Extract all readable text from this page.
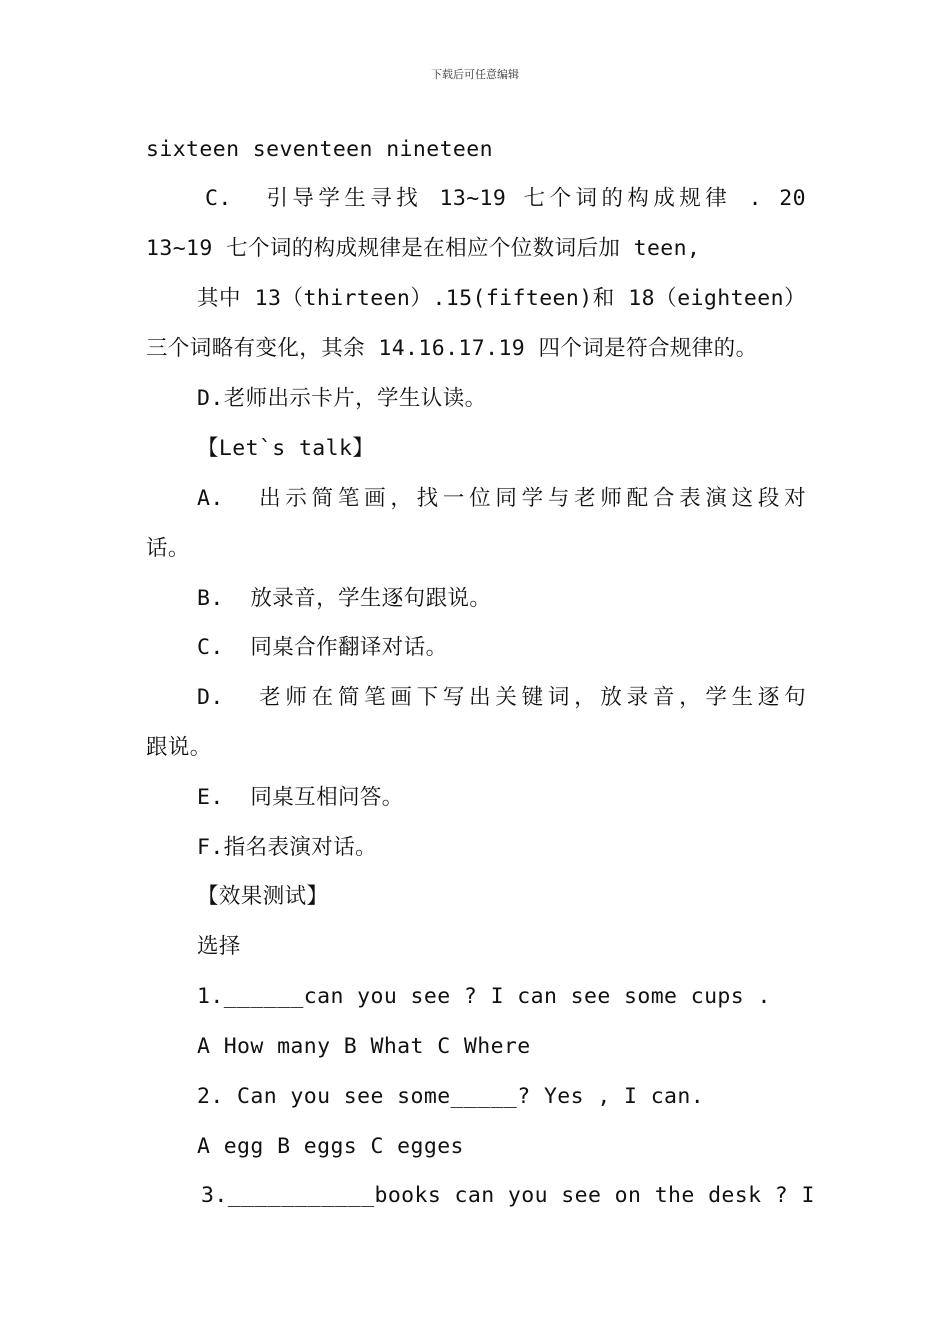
下载后可任意编辑
sixteen seventeen nineteen
C.  引导学生寻找 13~19 七个词的构成规律 . 20
13~19 七个词的构成规律是在相应个位数词后加 teen,
其中 13（thirteen）.15(fifteen)和 18（eighteen）
三个词略有变化，其余 14.16.17.19 四个词是符合规律的。
D.老师出示卡片，学生认读。
【Let`s talk】
A.  出示简笔画，找一位同学与老师配合表演这段对
话。
B.  放录音，学生逐句跟说。
C.  同桌合作翻译对话。
D.  老师在简笔画下写出关键词，放录音，学生逐句
跟说。
E.  同桌互相问答。
F.指名表演对话。
【效果测试】
选择
1.______can you see ? I can see some cups .
A How many B What C Where
2. Can you see some_____? Yes , I can.
A egg B eggs C egges
3.___________books can you see on the desk ? I
